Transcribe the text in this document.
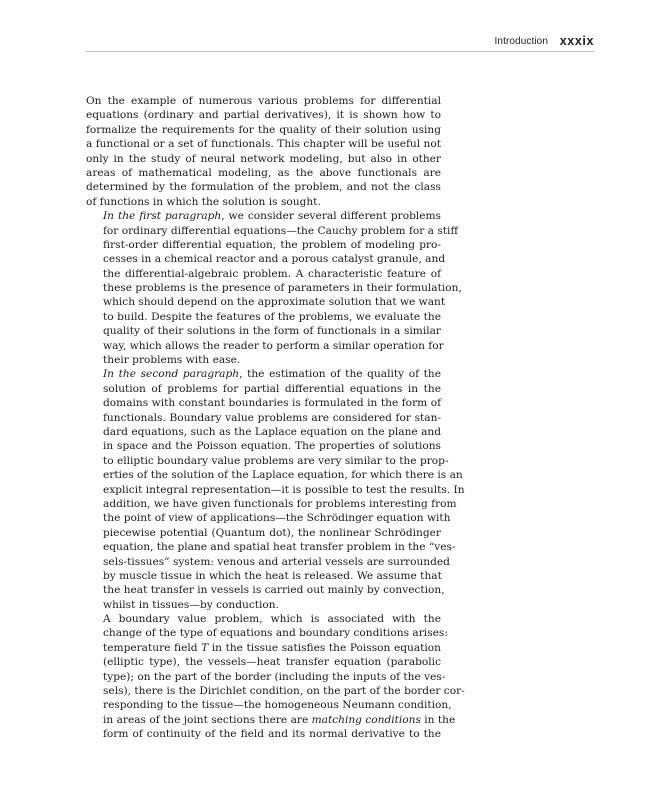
Introduction xxxix

On the example of numerous various problems for differential
equations (ordinary and partial derivatives), it is shown how to
formalize the requirements for the quality of their solution using
a functional or a set of functionals. This chapter will be useful not
only in the study of neural network modeling, but also in other
areas of mathematical modeling, as the above functionals are
determined by the formulation of the problem, and not the class
of functions in which the solution is sought.

In the first paragraph, we consider several different problems
for ordinary differential equations—the Cauchy problem for a stiff
first-order differential equation, the problem of modeling pro-
cesses in a chemical reactor and a porous catalyst granule, and
the differential-algebraic problem. A characteristic feature of
these problems is the presence of parameters in their formulation,
which should depend on the approximate solution that we want
to build. Despite the features of the problems, we evaluate the
quality of their solutions in the form of functionals in a similar
way, which allows the reader to perform a similar operation for
their problems with ease.

In the second paragraph, the estimation of the quality of the
solution of problems for partial differential equations in the
domains with constant boundaries is formulated in the form of
functionals. Boundary value problems are considered for stan-
dard equations, such as the Laplace equation on the plane and
in space and the Poisson equation. The properties of solutions
to elliptic boundary value problems are very similar to the prop-
erties of the solution of the Laplace equation, for which there is an
explicit integral representation—it is possible to test the results. In
addition, we have given functionals for problems interesting from
the point of view of applications—the Schrödinger equation with
piecewise potential (Quantum dot), the nonlinear Schrödinger
equation, the plane and spatial heat transfer problem in the “ves-
sels-tissues” system: venous and arterial vessels are surrounded
by muscle tissue in which the heat is released. We assume that
the heat transfer in vessels is carried out mainly by convection,
whilst in tissues—by conduction.

A boundary value problem, which is associated with the
change of the type of equations and boundary conditions arises:
temperature field T in the tissue satisfies the Poisson equation
(elliptic type), the vessels—heat transfer equation (parabolic
type); on the part of the border (including the inputs of the ves-
sels), there is the Dirichlet condition, on the part of the border cor-
responding to the tissue—the homogeneous Neumann condition,
in areas of the joint sections there are matching conditions in the
form of continuity of the field and its normal derivative to the
